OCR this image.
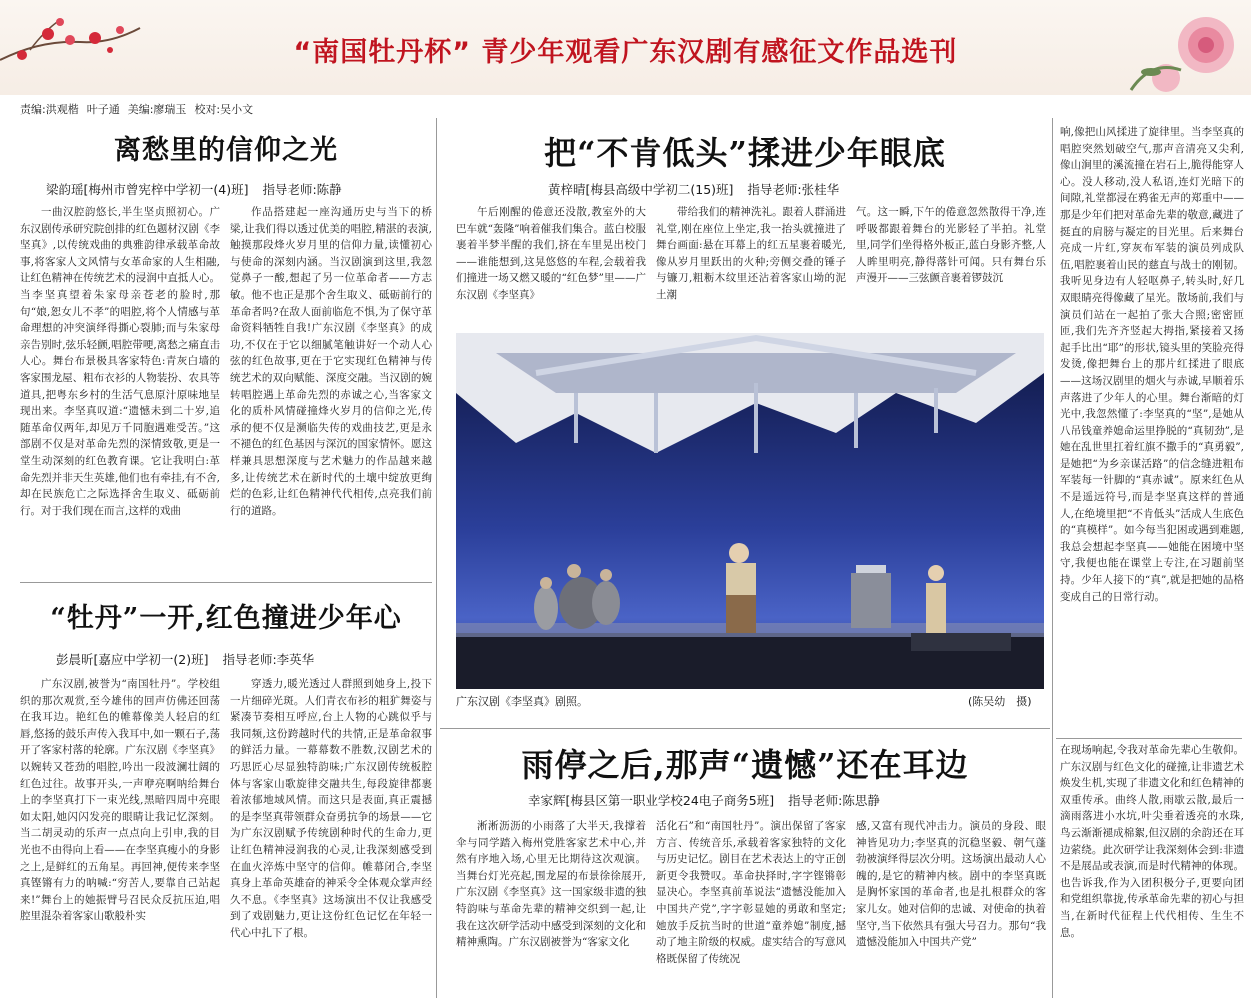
“南国牡丹杯” 青少年观看广东汉剧有感征文作品选刊
责编:洪观楷 叶子通 美编:廖瑞玉 校对:吴小文
离愁里的信仰之光
梁韵瑶[梅州市曾宪梓中学初一(4)班] 指导老师:陈静

一曲汉腔韵悠长,半生坚贞照初心。广东汉剧传承研究院创排的红色题材汉剧《李坚真》,以传统戏曲的典雅韵律承载革命故事,将客家人文风情与女革命家的人生相融,让红色精神在传统艺术的浸润中直抵人心。当李坚真望着朱家母亲苍老的脸时,那句“娘,恕女儿不孝”的唱腔,将个人情感与革命理想的冲突演绎得撕心裂肺;而与朱家母亲告别时,弦乐轻颤,唱腔带哽,离愁之痛直击人心。舞台布景极具客家特色:青灰白墙的客家围龙屋、粗布衣衫的人物装扮、农具等道具,把粤东乡村的生活气息原汁原味地呈现出来。李坚真叹道:“遗憾未到二十岁,追随革命仅两年,却见万千同胞遇难受苦。”这部剧不仅是对革命先烈的深情致敬,更是一堂生动深刻的红色教育课。它让我明白:革命先烈并非天生英雄,他们也有牵挂,有不舍,却在民族危亡之际选择舍生取义、砥砺前行。对于我们现在而言,这样的戏曲

作品搭建起一座沟通历史与当下的桥梁,让我们得以透过优美的唱腔,精湛的表演,触摸那段烽火岁月里的信仰力量,读懂初心与使命的深刻内涵。当汉剧演到这里,我忽觉鼻子一酸,想起了另一位革命者——方志敏。他不也正是那个舍生取义、砥砺前行的革命者吗?在敌人面前临危不惧,为了保守革命资料牺牲自我!广东汉剧《李坚真》的成功,不仅在于它以细腻笔触讲好一个动人心弦的红色故事,更在于它实现红色精神与传统艺术的双向赋能、深度交融。当汉剧的婉转唱腔遇上革命先烈的赤诚之心,当客家文化的质朴风情碰撞烽火岁月的信仰之光,传承的便不仅是濒临失传的戏曲技艺,更是永不褪色的红色基因与深沉的国家情怀。愿这样兼具思想深度与艺术魅力的作品越来越多,让传统艺术在新时代的土壤中绽放更绚烂的色彩,让红色精神代代相传,点亮我们前行的道路。

“牡丹”一开,红色撞进少年心
彭晨昕[嘉应中学初一(2)班] 指导老师:李英华

广东汉剧,被誉为“南国牡丹”。学校组织的那次观赏,至今雄伟的回声仿佛还回荡在我耳边。艳红色的帷幕像美人轻启的红唇,悠扬的鼓乐声传入我耳中,如一颗石子,荡开了客家村落的轮廓。广东汉剧《李坚真》以婉转又苍劲的唱腔,吟出一段波澜壮阔的红色过往。故事开头,一声咿亮啊呐给舞台上的李坚真打下一束光线,黑暗四周中亮眼如太阳,她闪闪发亮的眼睛让我记忆深刻。当二胡灵动的乐声一点点向上引申,我的目光也不由得向上看——在李坚真瘦小的身影之上,是鲜红的五角星。再回神,便传来李坚真铿锵有力的呐喊:“穷苦人,要靠自己站起来!”舞台上的她振臂号召民众反抗压迫,唱腔里混杂着客家山歌般朴实

穿透力,暖光透过人群照到她身上,投下一片细碎光斑。人们青衣布衫的粗犷舞姿与紧凑节奏相互呼应,台上人物的心跳似乎与我同频,这份跨越时代的共情,正是革命叙事的鲜活力量。一幕幕数不胜数,汉剧艺术的巧思匠心尽显独特韵味;广东汉剧传统板腔体与客家山歌旋律交融共生,每段旋律都裹着浓郁地域风情。而这只是表面,真正震撼的是李坚真带领群众奋勇抗争的场景——它为广东汉剧赋予传统剧种时代的生命力,更让红色精神浸润我的心灵,让我深刻感受到在血火淬炼中坚守的信仰。帷幕闭合,李坚真身上革命英雄奋的神采令全体观众掌声经久不息。《李坚真》这场演出不仅让我感受到了戏剧魅力,更让这份红色记忆在年轻一代心中扎下了根。

把“不肯低头”揉进少年眼底
黄梓晴[梅县高级中学初二(15)班] 指导老师:张桂华

午后刚醒的倦意还没散,教室外的大巴车就“轰隆”响着催我们集合。蓝白校服裹着半梦半醒的我们,挤在车里晃出校门——谁能想到,这晃悠悠的车程,会载着我们撞进一场又燃又暖的“红色梦”里——广东汉剧《李坚真》

带给我们的精神洗礼。跟着人群涌进礼堂,刚在座位上坐定,我一抬头就撞进了舞台画面:悬在耳幕上的红五星裹着暖光,像从岁月里跃出的火种;旁侧交叠的锤子与镰刀,粗粝木纹里还沾着客家山坳的泥土潮

气。这一瞬,下午的倦意忽然散得干净,连呼吸都跟着舞台的光影轻了半拍。礼堂里,同学们坐得格外板正,蓝白身影齐整,人人眸里明亮,静得落针可闻。只有舞台乐声漫开——三弦颤音裹着锣鼓沉

广东汉剧《李坚真》剧照。	(陈吴幼　摄)

响,像把山风揉进了旋律里。当李坚真的唱腔突然划破空气,那声音清亮又尖利,像山涧里的溪流撞在岩石上,脆得能穿人心。没人移动,没人私语,连灯光暗下的间隙,礼堂都浸在鸦雀无声的郑重中——那是少年们把对革命先辈的敬意,藏进了挺直的肩膀与凝定的目光里。后来舞台亮成一片红,穿灰布军装的演员列成队伍,唱腔裹着山民的慈直与战士的刚韧。我听见身边有人轻呕鼻子,转头时,好几双眼睛亮得像藏了星光。散场前,我们与演员们站在一起拍了张大合照;密密匝匝,我们先齐齐竖起大拇指,紧接着又扬起手比出“耶”的形状,镜头里的笑脸亮得发烫,像把舞台上的那片红揉进了眼底——这场汉剧里的烟火与赤诚,早顺着乐声落进了少年人的心里。舞台渐暗的灯光中,我忽然懂了:李坚真的“坚”,是她从八吊钱童养媳命运里挣脱的“真韧劲”,是她在乱世里扛着红旗不撒手的“真勇毅”,是她把“为乡亲谋活路”的信念缝进粗布军装每一针脚的“真赤诚”。原来红色从不是遥远符号,而是李坚真这样的普通人,在绝境里把“不肯低头”活成人生底色的“真模样”。如今每当犯困或遇到难题,我总会想起李坚真——她能在困境中坚守,我便也能在课堂上专注,在习题前坚持。少年人接下的“真”,就是把她的品格变成自己的日常行动。

雨停之后,那声“遗憾”还在耳边
幸家辉[梅县区第一职业学校24电子商务5班] 指导老师:陈思静

淅淅沥沥的小雨落了大半天,我撑着伞与同学踏入梅州党胜客家艺术中心,并然有序地入场,心里无比期待这次观演。当舞台灯光亮起,围龙屋的布景徐徐展开,广东汉剧《李坚真》这一国家级非遗的独特韵味与革命先辈的精神交织到一起,让我在这次研学活动中感受到深刻的文化和精神熏陶。广东汉剧被誉为“客家文化

活化石”和“南国牡丹”。演出保留了客家方言、传统音乐,承载着客家独特的文化与历史记忆。剧目在艺术表达上的守正创新更令我赞叹。革命抉择时,字字铿锵彰显决心。李坚真前革说法“遗憾没能加入中国共产党”,字字彰显她的勇敢和坚定;她放手反抗当时的世道“童养媳”制度,撼动了地主阶级的权威。虚实结合的写意风格既保留了传统况

感,又富有现代冲击力。演员的身段、眼神皆见功力;李坚真的沉稳坚毅、朝气蓬勃被演绎得层次分明。这场演出最动人心魄的,是它的精神内核。剧中的李坚真既是胸怀家国的革命者,也是扎根群众的客家儿女。她对信仰的忠诚、对使命的执着坚守,当下依然具有强大号召力。那句“我遗憾没能加入中国共产党”

在现场响起,令我对革命先辈心生敬仰。广东汉剧与红色文化的碰撞,让非遗艺术焕发生机,实现了非遗文化和红色精神的双重传承。曲终人散,雨歇云散,最后一滴雨落进小水坑,叶尖垂着透亮的水珠,鸟云渐渐褪成棉絮,但汉剧的余韵还在耳边萦绕。此次研学让我深刻体会到:非遗不是展品或表演,而是时代精神的体现。也告诉我,作为入团积极分子,更要向团和党组织靠拢,传承革命先辈的初心与担当,在新时代征程上代代相传、生生不息。
